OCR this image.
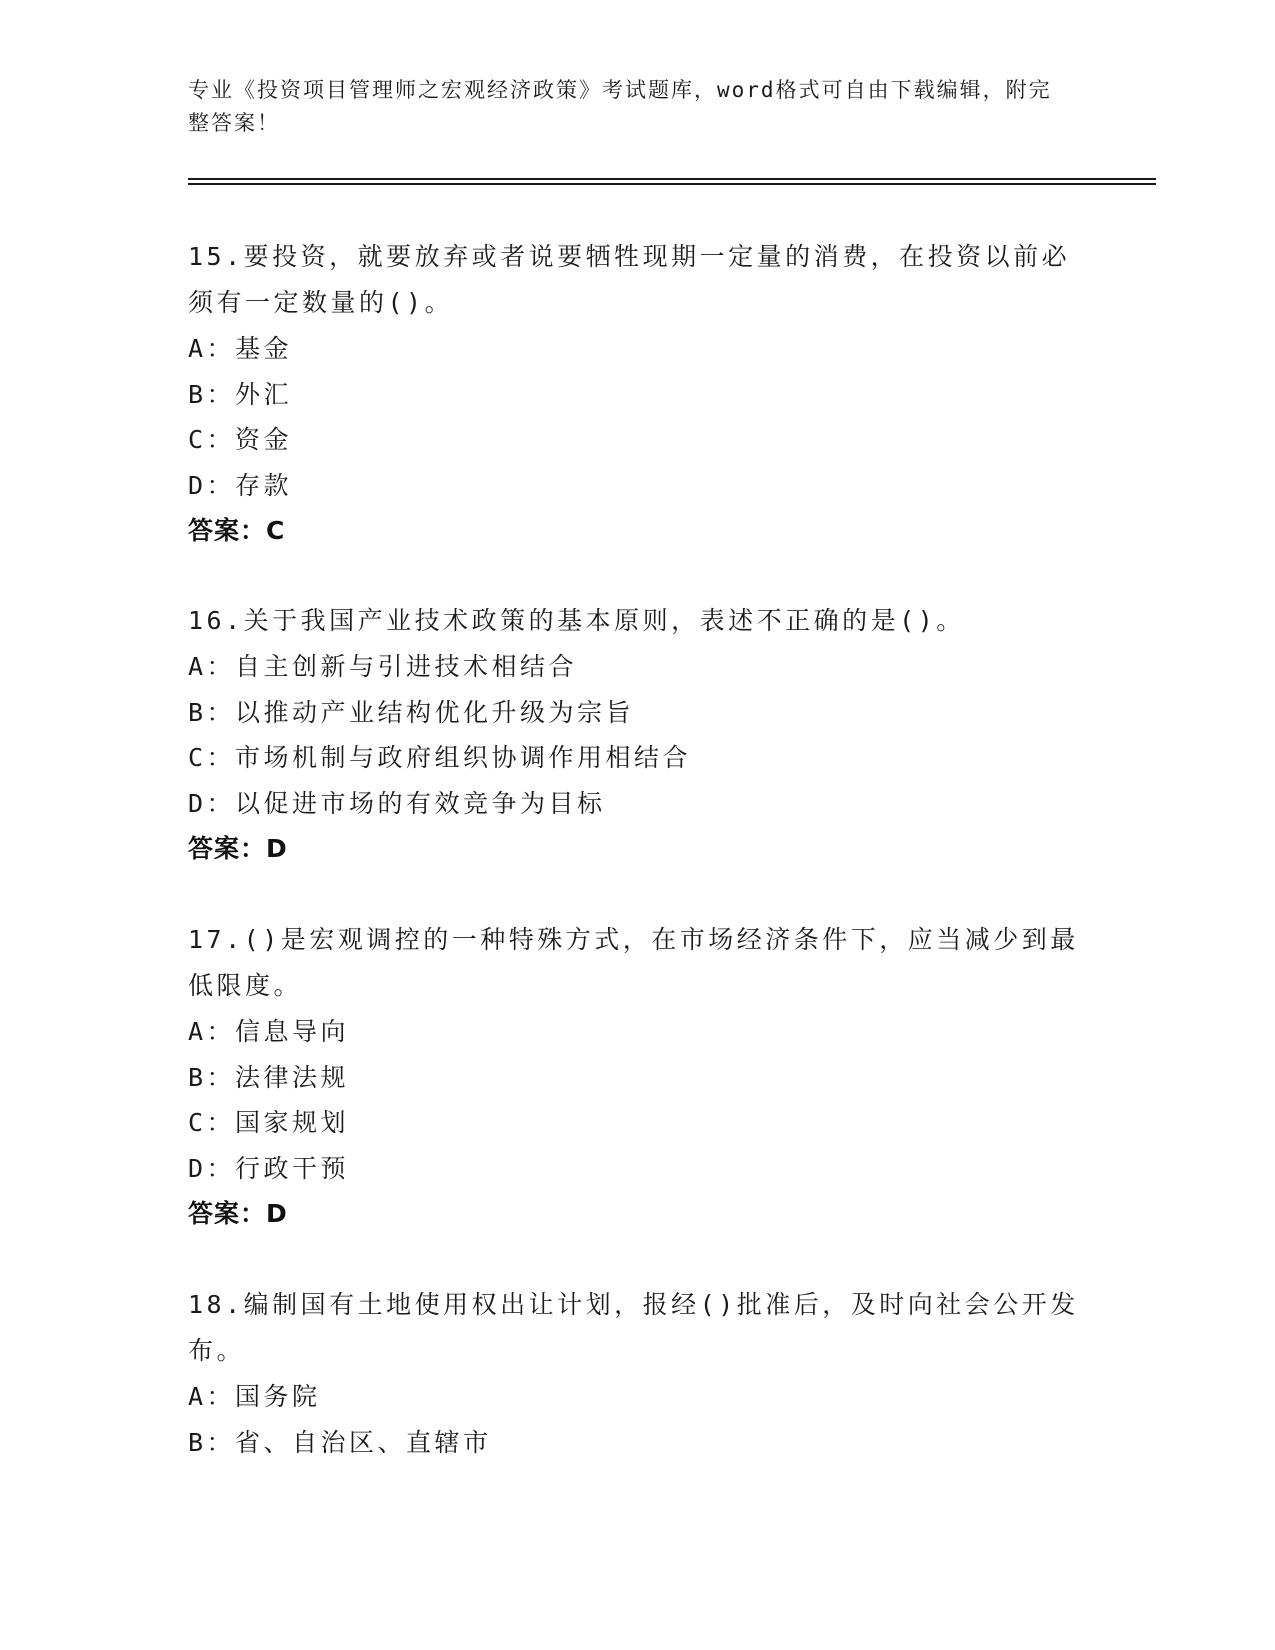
专业《投资项目管理师之宏观经济政策》考试题库，word格式可自由下载编辑，附完整答案！

15.要投资，就要放弃或者说要牺牲现期一定量的消费，在投资以前必须有一定数量的()。

A：基金

B：外汇

C：资金

D：存款

答案：C

16.关于我国产业技术政策的基本原则，表述不正确的是()。

A：自主创新与引进技术相结合

B：以推动产业结构优化升级为宗旨

C：市场机制与政府组织协调作用相结合

D：以促进市场的有效竞争为目标

答案：D

17.()是宏观调控的一种特殊方式，在市场经济条件下，应当减少到最低限度。

A：信息导向

B：法律法规

C：国家规划

D：行政干预

答案：D

18.编制国有土地使用权出让计划，报经()批准后，及时向社会公开发布。

A：国务院

B：省、自治区、直辖市
